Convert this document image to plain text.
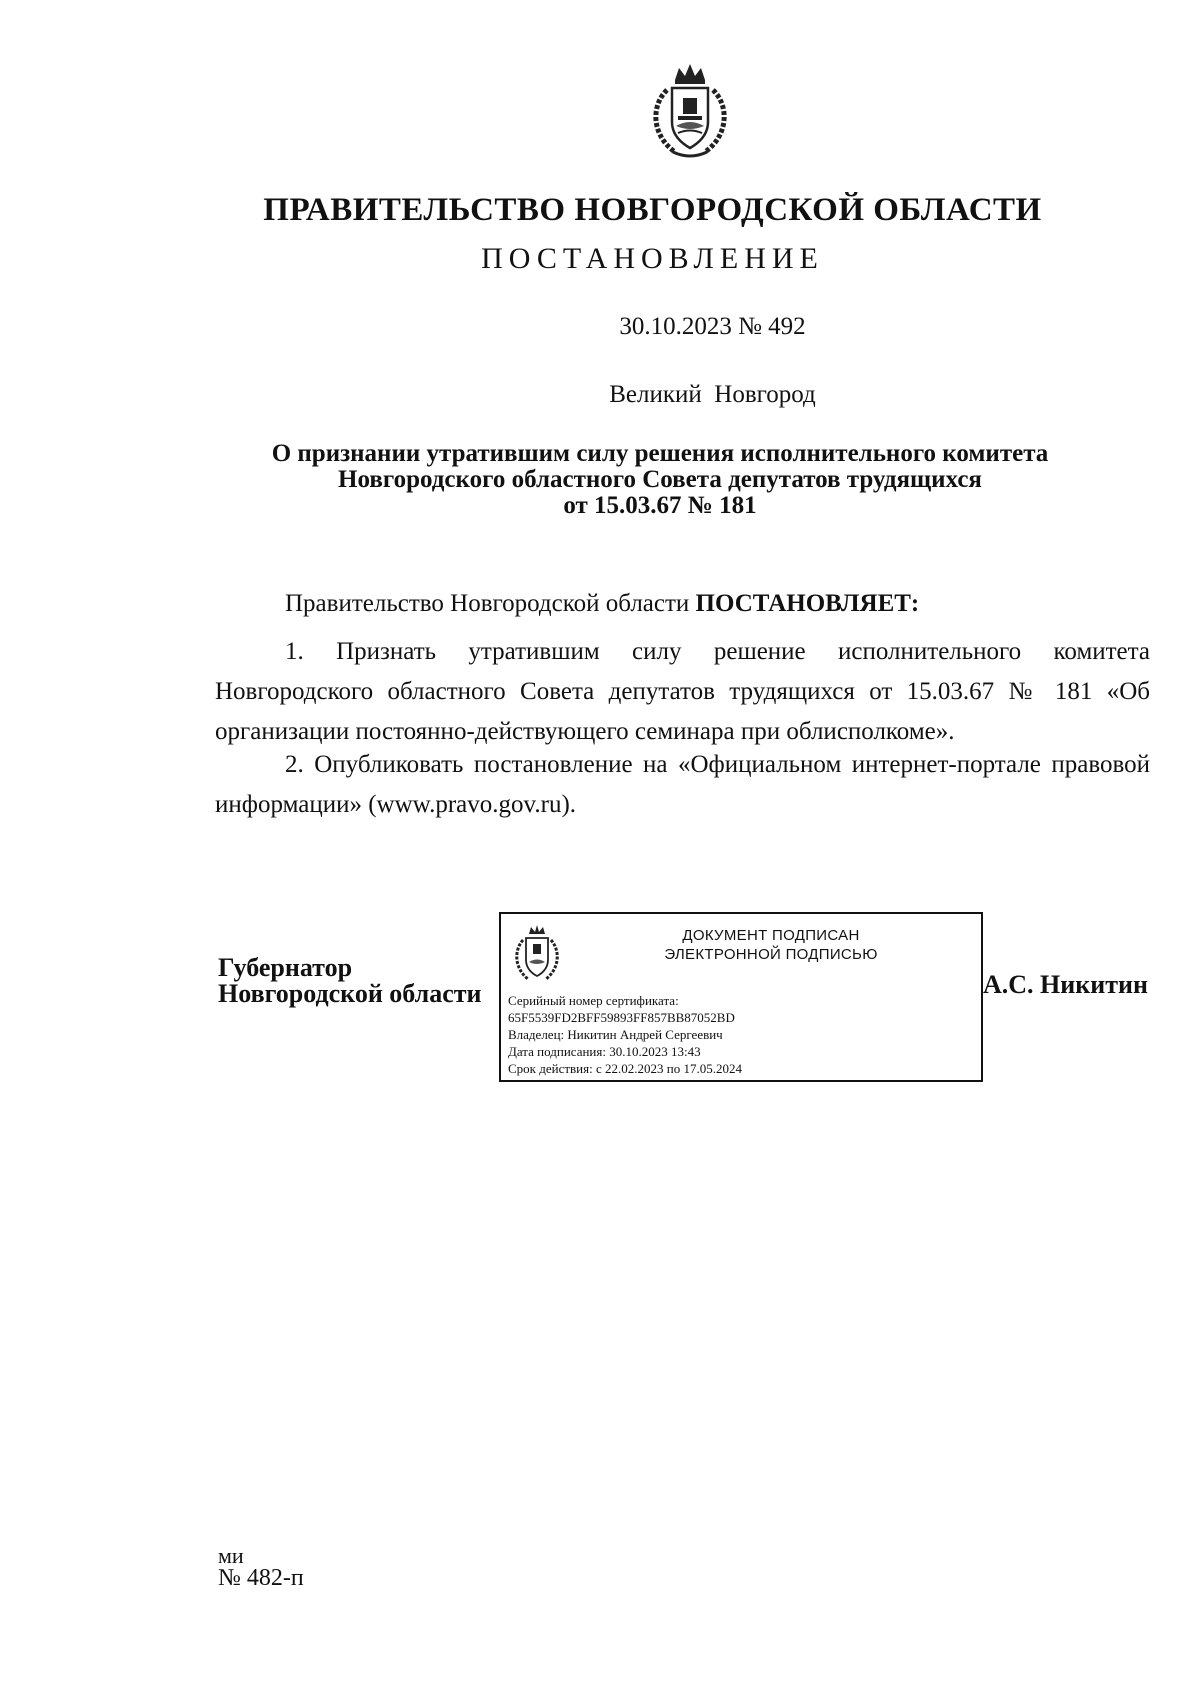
ПРАВИТЕЛЬСТВО НОВГОРОДСКОЙ ОБЛАСТИ
ПОСТАНОВЛЕНИЕ
30.10.2023 № 492
Великий  Новгород
О признании утратившим силу решения исполнительного комитета
Новгородского областного Совета депутатов трудящихся
от 15.03.67 № 181
Правительство Новгородской области ПОСТАНОВЛЯЕТ:
1. Признать утратившим силу решение исполнительного комитета Новгородского областного Совета депутатов трудящихся от 15.03.67 № 181 «Об организации постоянно-действующего семинара при облисполкоме».
2. Опубликовать постановление на «Официальном интернет-портале правовой информации» (www.pravo.gov.ru).
Губернатор
Новгородской области
ДОКУМЕНТ ПОДПИСАН
ЭЛЕКТРОННОЙ ПОДПИСЬЮ
Серийный номер сертификата:
65F5539FD2BFF59893FF857BB87052BD
Владелец: Никитин Андрей Сергеевич
Дата подписания: 30.10.2023 13:43
Срок действия: с 22.02.2023 по 17.05.2024
А.С. Никитин
ми
№ 482-п
